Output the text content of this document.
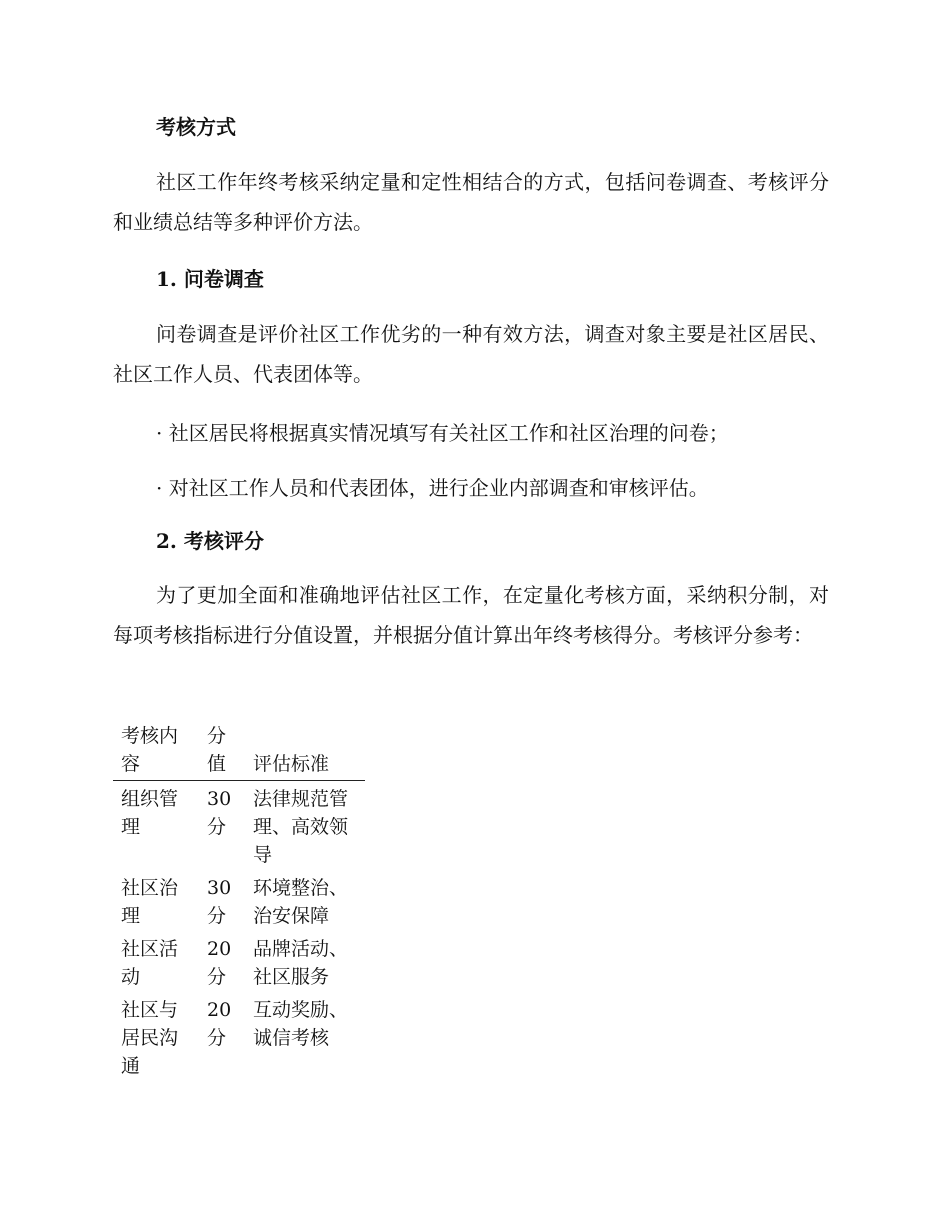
考核方式
社区工作年终考核采纳定量和定性相结合的方式，包括问卷调查、考核评分和业绩总结等多种评价方法。
1. 问卷调查
问卷调查是评价社区工作优劣的一种有效方法，调查对象主要是社区居民、社区工作人员、代表团体等。
· 社区居民将根据真实情况填写有关社区工作和社区治理的问卷；
· 对社区工作人员和代表团体，进行企业内部调查和审核评估。
2. 考核评分
为了更加全面和准确地评估社区工作，在定量化考核方面，采纳积分制，对每项考核指标进行分值设置，并根据分值计算出年终考核得分。考核评分参考：
考核内容	分值	评估标准
组织管理	30分	法律规范管理、高效领导
社区治理	30分	环境整治、治安保障
社区活动	20分	品牌活动、社区服务
社区与居民沟通	20分	互动奖励、诚信考核
